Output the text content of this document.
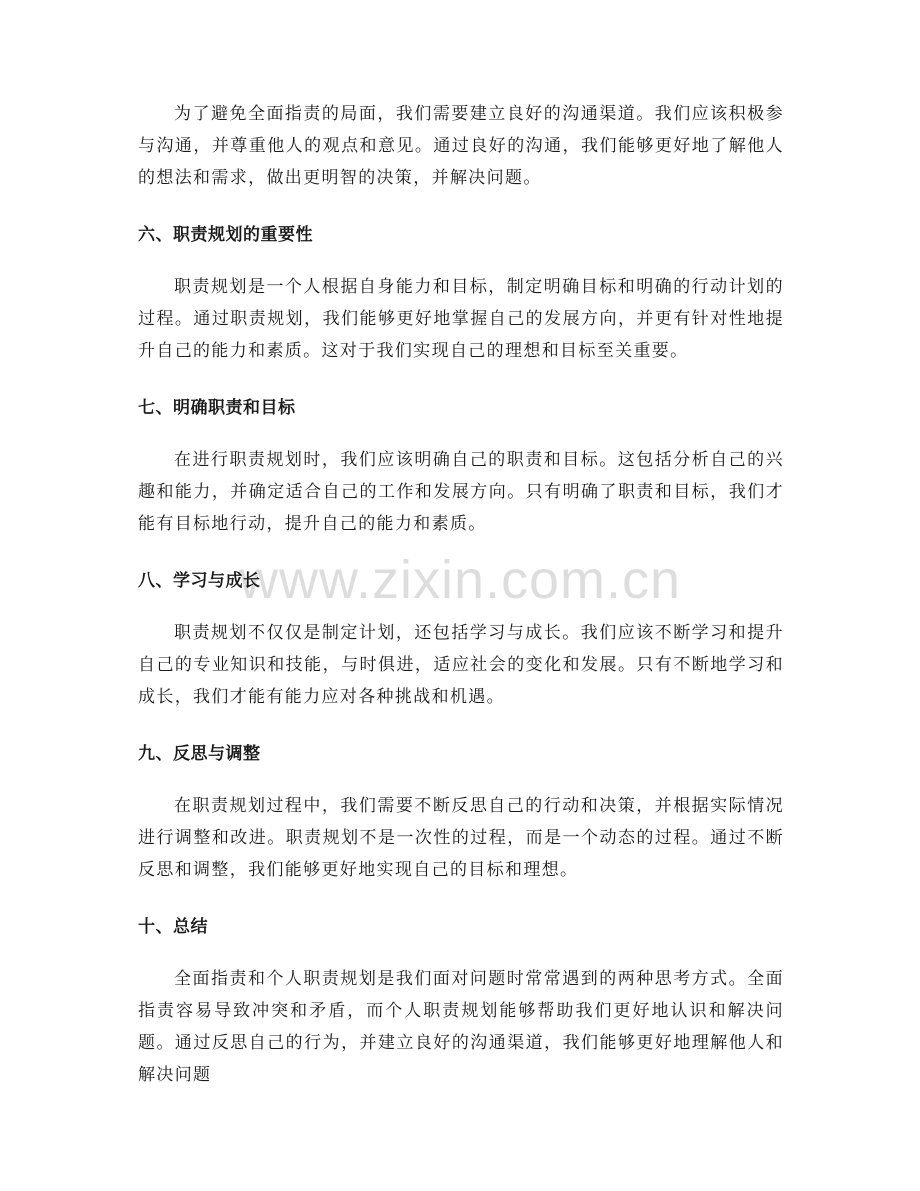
为了避免全面指责的局面，我们需要建立良好的沟通渠道。我们应该积极参与沟通，并尊重他人的观点和意见。通过良好的沟通，我们能够更好地了解他人的想法和需求，做出更明智的决策，并解决问题。

六、职责规划的重要性

职责规划是一个人根据自身能力和目标，制定明确目标和明确的行动计划的过程。通过职责规划，我们能够更好地掌握自己的发展方向，并更有针对性地提升自己的能力和素质。这对于我们实现自己的理想和目标至关重要。

七、明确职责和目标

在进行职责规划时，我们应该明确自己的职责和目标。这包括分析自己的兴趣和能力，并确定适合自己的工作和发展方向。只有明确了职责和目标，我们才能有目标地行动，提升自己的能力和素质。

八、学习与成长

职责规划不仅仅是制定计划，还包括学习与成长。我们应该不断学习和提升自己的专业知识和技能，与时俱进，适应社会的变化和发展。只有不断地学习和成长，我们才能有能力应对各种挑战和机遇。

九、反思与调整

在职责规划过程中，我们需要不断反思自己的行动和决策，并根据实际情况进行调整和改进。职责规划不是一次性的过程，而是一个动态的过程。通过不断反思和调整，我们能够更好地实现自己的目标和理想。

十、总结

全面指责和个人职责规划是我们面对问题时常常遇到的两种思考方式。全面指责容易导致冲突和矛盾，而个人职责规划能够帮助我们更好地认识和解决问题。通过反思自己的行为，并建立良好的沟通渠道，我们能够更好地理解他人和解决问题

www.zixin.com.cn
